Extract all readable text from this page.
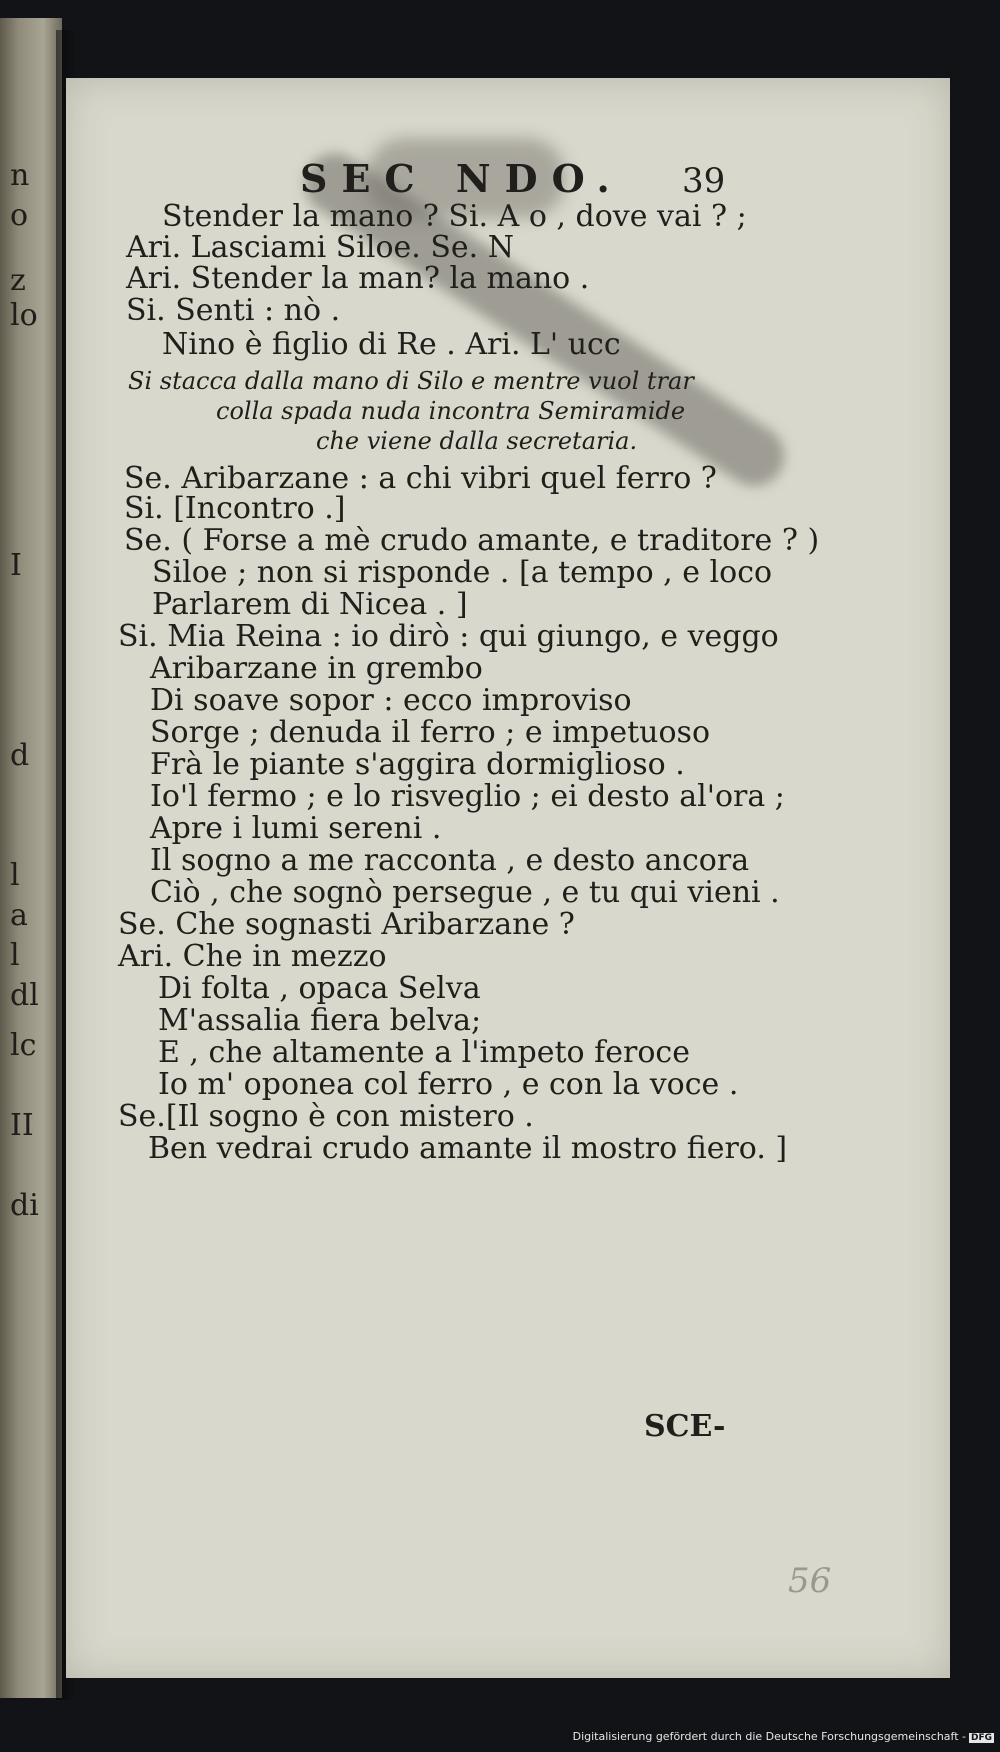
n
o
z
lo
I
d
l
a
l
dl
lc
II
di
SEC NDO. 39
Stender la mano ? Si. A o , dove vai ? ;
Ari. Lasciami Siloe. Se. N
Ari. Stender la man? la mano .
Si. Senti : nò .
Nino è figlio di Re . Ari. L' ucc
Si stacca dalla mano di Silo e mentre vuol trar
colla spada nuda incontra Semiramide
che viene dalla secretaria.
Se. Aribarzane : a chi vibri quel ferro ?
Si. [Incontro .]
Se. ( Forse a mè crudo amante, e traditore ? )
Siloe ; non si risponde . [a tempo , e loco
Parlarem di Nicea . ]
Si. Mia Reina : io dirò : qui giungo, e veggo
Aribarzane in grembo
Di soave sopor : ecco improviso
Sorge ; denuda il ferro ; e impetuoso
Frà le piante s'aggira dormiglioso .
Io'l fermo ; e lo risveglio ; ei desto al'ora ;
Apre i lumi sereni .
Il sogno a me racconta , e desto ancora
Ciò , che sognò persegue , e tu qui vieni .
Se. Che sognasti Aribarzane ?
Ari. Che in mezzo
Di folta , opaca Selva
M'assalia fiera belva;
E , che altamente a l'impeto feroce
Io m' oponea col ferro , e con la voce .
Se.[Il sogno è con mistero .
Ben vedrai crudo amante il mostro fiero. ]
SCE-
56
Digitalisierung gefördert durch die Deutsche Forschungsgemeinschaft - DFG
